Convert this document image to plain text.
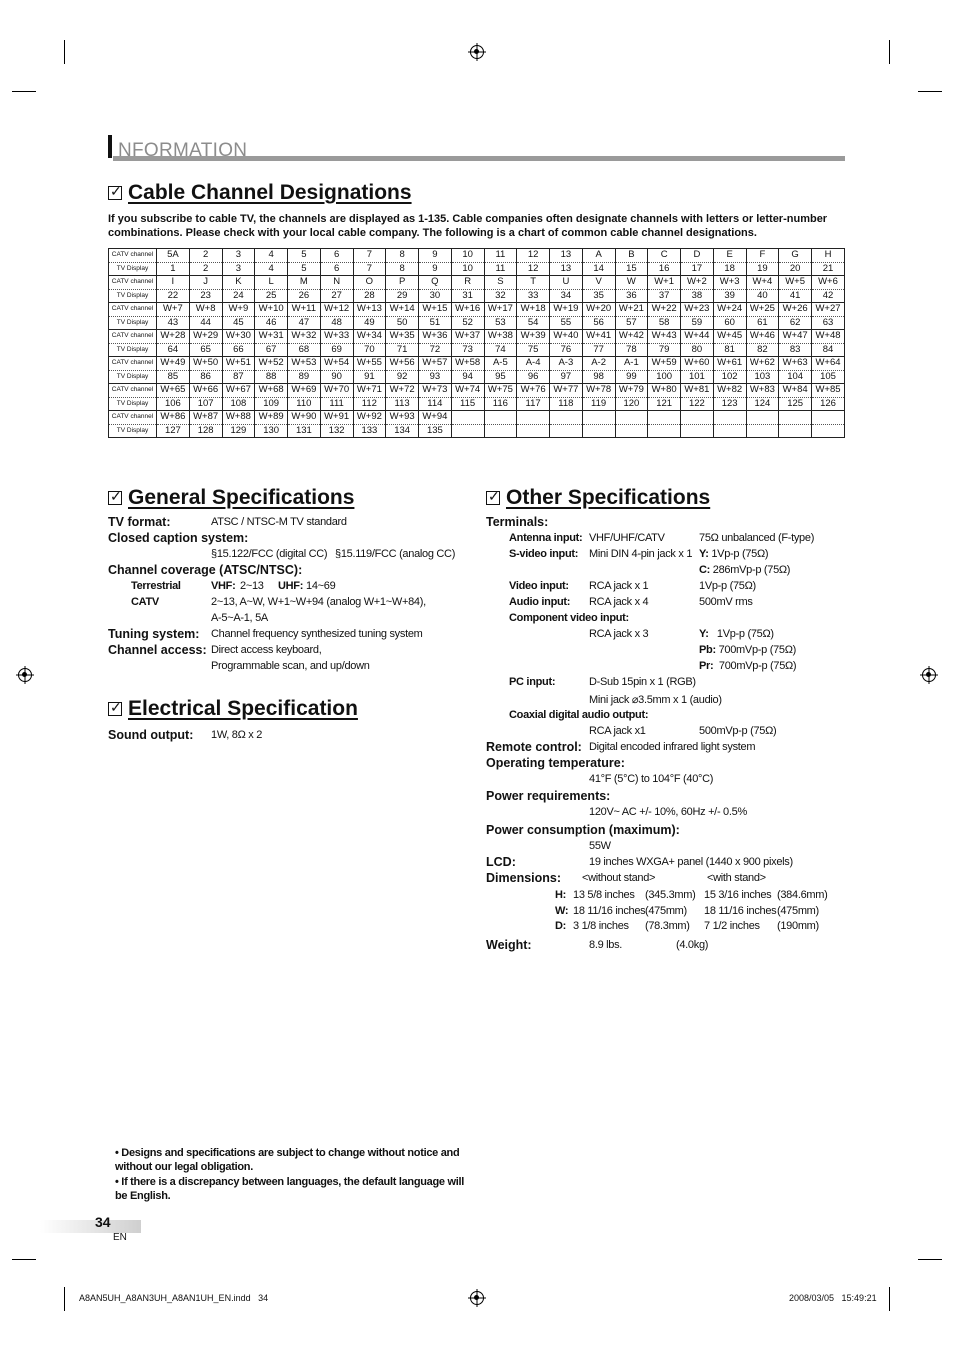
NFORMATION
✓Cable Channel Designations
If you subscribe to cable TV, the channels are displayed as 1-135. Cable companies often designate channels with letters or letter-number combinations. Please check with your local cable company. The following is a chart of common cable channel designations.
CATV channel	5A	2	3	4	5	6	7	8	9	10	11	12	13	A	B	C	D	E	F	G	H
TV Display	1	2	3	4	5	6	7	8	9	10	11	12	13	14	15	16	17	18	19	20	21
CATV channel	I	J	K	L	M	N	O	P	Q	R	S	T	U	V	W	W+1	W+2	W+3	W+4	W+5	W+6
TV Display	22	23	24	25	26	27	28	29	30	31	32	33	34	35	36	37	38	39	40	41	42
CATV channel	W+7	W+8	W+9	W+10	W+11	W+12	W+13	W+14	W+15	W+16	W+17	W+18	W+19	W+20	W+21	W+22	W+23	W+24	W+25	W+26	W+27
TV Display	43	44	45	46	47	48	49	50	51	52	53	54	55	56	57	58	59	60	61	62	63
CATV channel	W+28	W+29	W+30	W+31	W+32	W+33	W+34	W+35	W+36	W+37	W+38	W+39	W+40	W+41	W+42	W+43	W+44	W+45	W+46	W+47	W+48
TV Display	64	65	66	67	68	69	70	71	72	73	74	75	76	77	78	79	80	81	82	83	84
CATV channel	W+49	W+50	W+51	W+52	W+53	W+54	W+55	W+56	W+57	W+58	A-5	A-4	A-3	A-2	A-1	W+59	W+60	W+61	W+62	W+63	W+64
TV Display	85	86	87	88	89	90	91	92	93	94	95	96	97	98	99	100	101	102	103	104	105
CATV channel	W+65	W+66	W+67	W+68	W+69	W+70	W+71	W+72	W+73	W+74	W+75	W+76	W+77	W+78	W+79	W+80	W+81	W+82	W+83	W+84	W+85
TV Display	106	107	108	109	110	111	112	113	114	115	116	117	118	119	120	121	122	123	124	125	126
CATV channel	W+86	W+87	W+88	W+89	W+90	W+91	W+92	W+93	W+94												
TV Display	127	128	129	130	131	132	133	134	135												
✓General Specifications
TV format:	ATSC / NTSC-M TV standard
Closed caption system:
§15.122/FCC (digital CC) §15.119/FCC (analog CC)
Channel coverage (ATSC/NTSC):
Terrestrial	VHF: 2~13 UHF: 14~69
CATV	2~13, A~W, W+1~W+94 (analog W+1~W+84),
A-5~A-1, 5A
Tuning system: Channel frequency synthesized tuning system
Channel access: Direct access keyboard,
Programmable scan, and up/down
✓Electrical Specification
Sound output: 1W, 8Ω x 2
✓Other Specifications
Terminals:
Antenna input: VHF/UHF/CATV	75Ω unbalanced (F-type)
S-video input: Mini DIN 4-pin jack x 1 Y: 1Vp-p (75Ω)
C: 286mVp-p (75Ω)
Video input: RCA jack x 1	1Vp-p (75Ω)
Audio input: RCA jack x 4	500mV rms
Component video input:
RCA jack x 3	Y: 1Vp-p (75Ω)
Pb: 700mVp-p (75Ω)
Pr: 700mVp-p (75Ω)
PC input:	D-Sub 15pin x 1 (RGB)
Mini jack ⌀3.5mm x 1 (audio)
Coaxial digital audio output:
RCA jack x1	500mVp-p (75Ω)
Remote control: Digital encoded infrared light system
Operating temperature:
41°F (5°C) to 104°F (40°C)
Power requirements:
120V~ AC +/- 10%, 60Hz +/- 0.5%
Power consumption (maximum):
55W
LCD:	19 inches WXGA+ panel (1440 x 900 pixels)
Dimensions: <without stand>	<with stand>
H: 13 5/8 inches (345.3mm) 15 3/16 inches (384.6mm)
W: 18 11/16 inches (475mm) 18 11/16 inches (475mm)
D: 3 1/8 inches (78.3mm) 7 1/2 inches (190mm)
Weight:	8.9 lbs.	(4.0kg)
• Designs and specifications are subject to change without notice and without our legal obligation.
• If there is a discrepancy between languages, the default language will be English.
34
EN
A8AN5UH_A8AN3UH_A8AN1UH_EN.indd   34	2008/03/05   15:49:21
